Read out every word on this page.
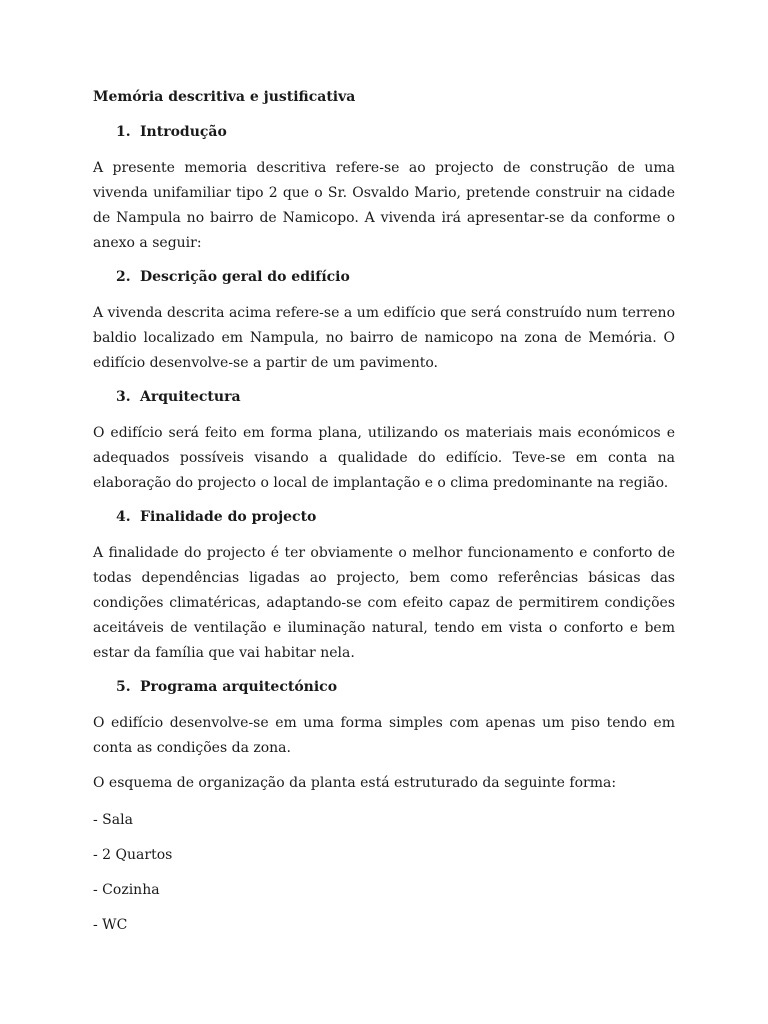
Memória descritiva e justificativa

1. Introdução

A presente memoria descritiva refere-se ao projecto de construção de uma vivenda unifamiliar tipo 2 que o Sr. Osvaldo Mario, pretende construir na cidade de Nampula no bairro de Namicopo. A vivenda irá apresentar-se da conforme o anexo a seguir:

2. Descrição geral do edifício

A vivenda descrita acima refere-se a um edifício que será construído num terreno baldio localizado em Nampula, no bairro de namicopo na zona de Memória. O edifício desenvolve-se a partir de um pavimento.

3. Arquitectura

O edifício será feito em forma plana, utilizando os materiais mais económicos e adequados possíveis visando a qualidade do edifício. Teve-se em conta na elaboração do projecto o local de implantação e o clima predominante na região.

4. Finalidade do projecto

A finalidade do projecto é ter obviamente o melhor funcionamento e conforto de todas dependências ligadas ao projecto, bem como referências básicas das condições climatéricas, adaptando-se com efeito capaz de permitirem condições aceitáveis de ventilação e iluminação natural, tendo em vista o conforto e bem estar da família que vai habitar nela.

5. Programa arquitectónico

O edifício desenvolve-se em uma forma simples com apenas um piso tendo em conta as condições da zona.

O esquema de organização da planta está estruturado da seguinte forma:

- Sala

- 2 Quartos

- Cozinha

- WC
